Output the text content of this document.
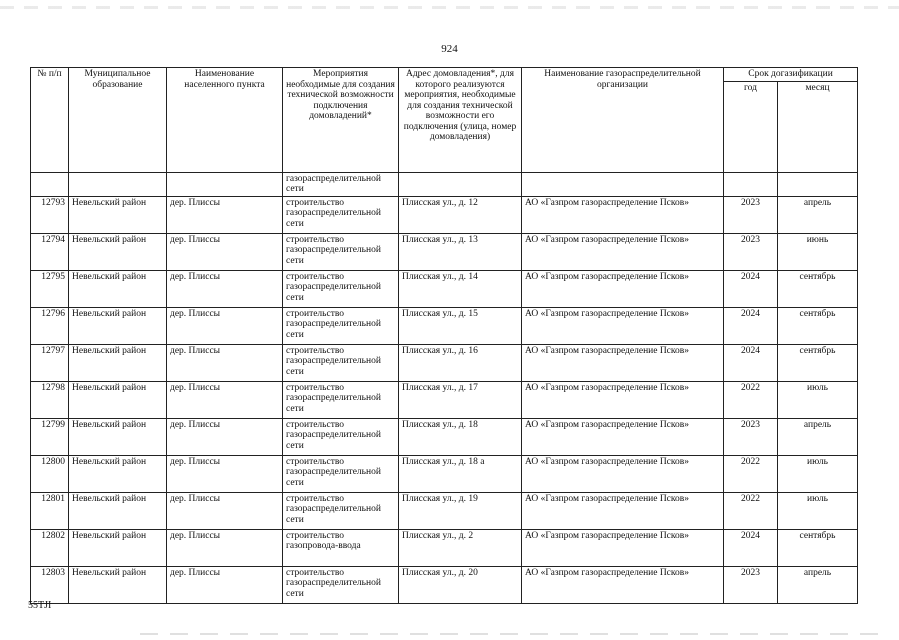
924
№ п/п	Муниципальное образование	Наименование населенного пункта	Мероприятия необходимые для создания технической возможности подключения домовладений*	Адрес домовладения*, для которого реализуются мероприятия, необходимые для создания технической возможности его подключения (улица, номер домовладения)	Наименование газораспределительной организации	Срок догазификации	
						год	месяц
			газораспределительной сети				
12793	Невельский район	дер. Плиссы	строительство газораспределительной сети	Плисская ул., д. 12	АО «Газпром газораспределение Псков»	2023	апрель
12794	Невельский район	дер. Плиссы	строительство газораспределительной сети	Плисская ул., д. 13	АО «Газпром газораспределение Псков»	2023	июнь
12795	Невельский район	дер. Плиссы	строительство газораспределительной сети	Плисская ул., д. 14	АО «Газпром газораспределение Псков»	2024	сентябрь
12796	Невельский район	дер. Плиссы	строительство газораспределительной сети	Плисская ул., д. 15	АО «Газпром газораспределение Псков»	2024	сентябрь
12797	Невельский район	дер. Плиссы	строительство газораспределительной сети	Плисская ул., д. 16	АО «Газпром газораспределение Псков»	2024	сентябрь
12798	Невельский район	дер. Плиссы	строительство газораспределительной сети	Плисская ул., д. 17	АО «Газпром газораспределение Псков»	2022	июль
12799	Невельский район	дер. Плиссы	строительство газораспределительной сети	Плисская ул., д. 18	АО «Газпром газораспределение Псков»	2023	апрель
12800	Невельский район	дер. Плиссы	строительство газораспределительной сети	Плисская ул., д. 18 а	АО «Газпром газораспределение Псков»	2022	июль
12801	Невельский район	дер. Плиссы	строительство газораспределительной сети	Плисская ул., д. 19	АО «Газпром газораспределение Псков»	2022	июль
12802	Невельский район	дер. Плиссы	строительство газопровода-ввода	Плисская ул., д. 2	АО «Газпром газораспределение Псков»	2024	сентябрь
12803	Невельский район	дер. Плиссы	строительство газораспределительной сети	Плисская ул., д. 20	АО «Газпром газораспределение Псков»	2023	апрель
55TJI
